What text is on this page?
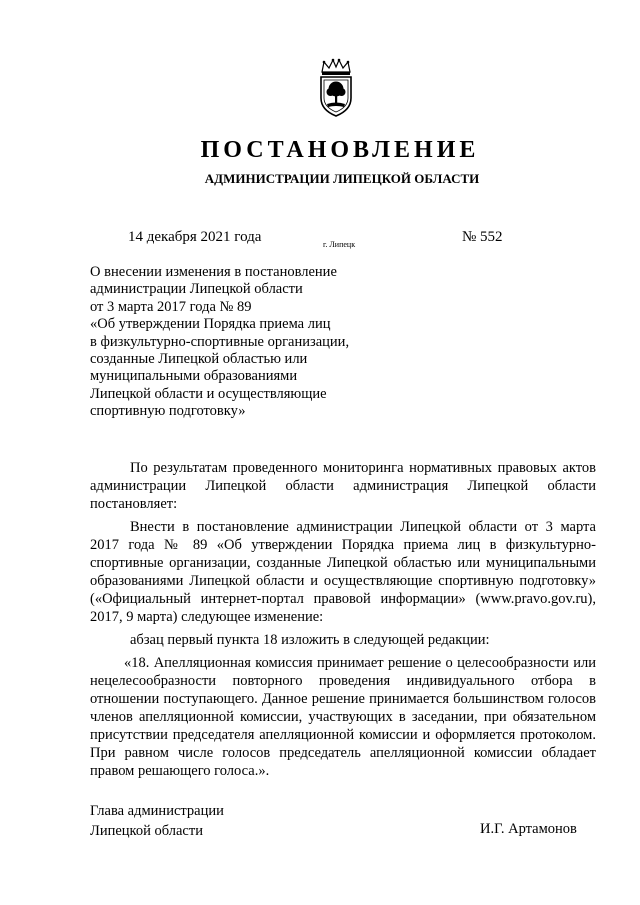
ПОСТАНОВЛЕНИЕ
АДМИНИСТРАЦИИ ЛИПЕЦКОЙ ОБЛАСТИ
14 декабря 2021 года	г. Липецк	№ 552
О внесении изменения в постановление
администрации Липецкой области
от 3 марта 2017 года № 89
«Об утверждении Порядка приема лиц
в физкультурно-спортивные организации,
созданные Липецкой областью или
муниципальными образованиями
Липецкой области и осуществляющие
спортивную подготовку»

По результатам проведенного мониторинга нормативных правовых актов администрации Липецкой области администрация Липецкой области постановляет:

Внести в постановление администрации Липецкой области от 3 марта 2017 года № 89 «Об утверждении Порядка приема лиц в физкультурно-спортивные организации, созданные Липецкой областью или муниципальными образованиями Липецкой области и осуществляющие спортивную подготовку» («Официальный интернет-портал правовой информации» (www.pravo.gov.ru), 2017, 9 марта) следующее изменение:

абзац первый пункта 18 изложить в следующей редакции:

«18. Апелляционная комиссия принимает решение о целесообразности или нецелесообразности повторного проведения индивидуального отбора в отношении поступающего. Данное решение принимается большинством голосов членов апелляционной комиссии, участвующих в заседании, при обязательном присутствии председателя апелляционной комиссии и оформляется протоколом. При равном числе голосов председатель апелляционной комиссии обладает правом решающего голоса.».

Глава администрации
Липецкой области	И.Г. Артамонов
